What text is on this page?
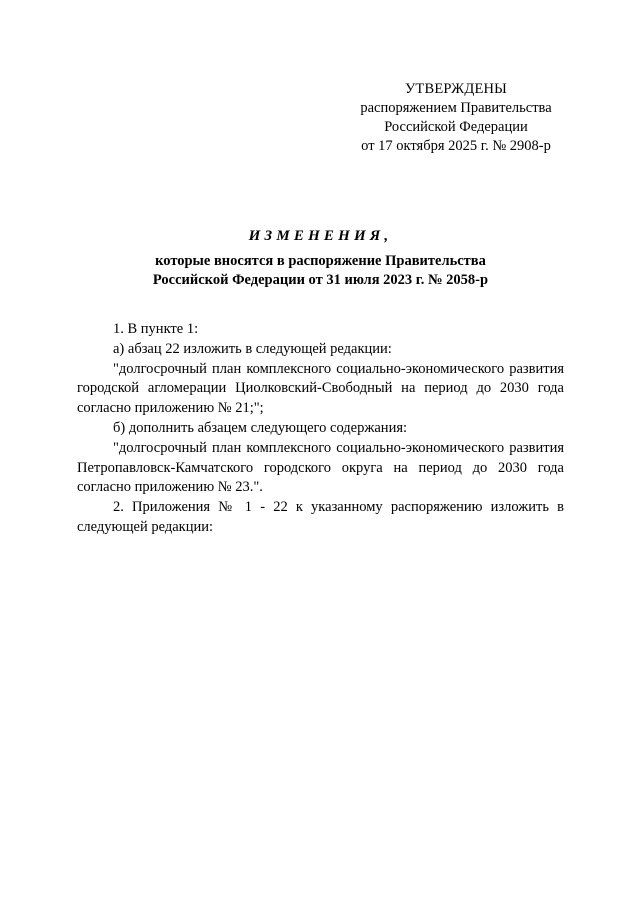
УТВЕРЖДЕНЫ
распоряжением Правительства
Российской Федерации
от 17 октября 2025 г. № 2908-р
ИЗМЕНЕНИЯ,
которые вносятся в распоряжение Правительства
Российской Федерации от 31 июля 2023 г. № 2058-р

1. В пункте 1:

а) абзац 22 изложить в следующей редакции:

"долгосрочный план комплексного социально-экономического развития городской агломерации Циолковский-Свободный на период до 2030 года согласно приложению № 21;";

б) дополнить абзацем следующего содержания:

"долгосрочный план комплексного социально-экономического развития Петропавловск-Камчатского городского округа на период до 2030 года согласно приложению № 23.".

2. Приложения № 1 - 22 к указанному распоряжению изложить в следующей редакции:
